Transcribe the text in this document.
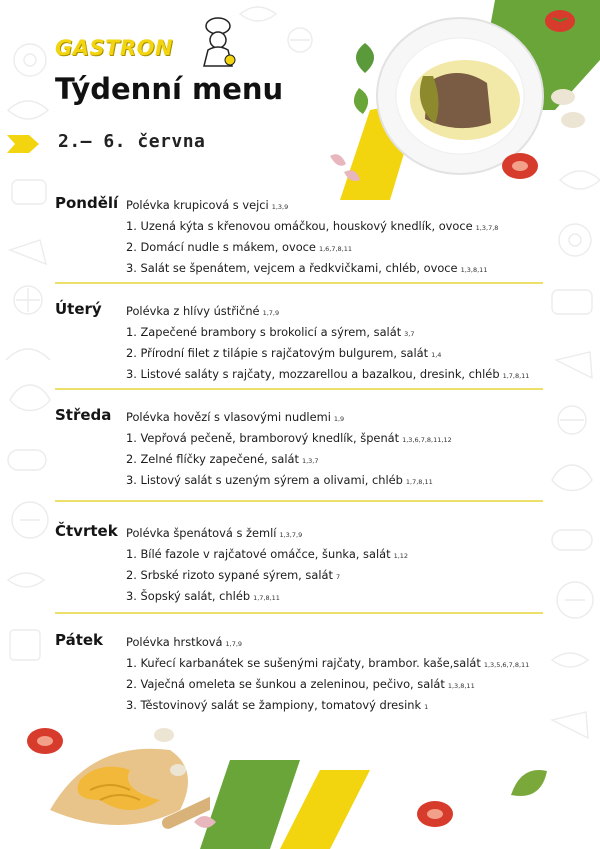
GASTRON
Týdenní menu
2.– 6. června
Pondělí Polévka krupicová s vejci 1,3,9
1. Uzená kýta s křenovou omáčkou, houskový knedlík, ovoce 1,3,7,8
2. Domácí nudle s mákem, ovoce 1,6,7,8,11
3. Salát se špenátem, vejcem a ředkvičkami, chléb, ovoce 1,3,8,11
Úterý Polévka z hlívy ústřičné 1,7,9
1. Zapečené brambory s brokolicí a sýrem, salát 3,7
2. Přírodní filet z tilápie s rajčatovým bulgurem, salát 1,4
3. Listové saláty s rajčaty, mozzarellou a bazalkou, dresink, chléb 1,7,8,11
Středa Polévka hovězí s vlasovými nudlemi 1,9
1. Vepřová pečeně, bramborový knedlík, špenát 1,3,6,7,8,11,12
2. Zelné flíčky zapečené, salát 1,3,7
3. Listový salát s uzeným sýrem a olivami, chléb 1,7,8,11
Čtvrtek Polévka špenátová s žemlí 1,3,7,9
1. Bílé fazole v rajčatové omáčce, šunka, salát 1,12
2. Srbské rizoto sypané sýrem, salát 7
3. Šopský salát, chléb 1,7,8,11
Pátek Polévka hrstková 1,7,9
1. Kuřecí karbanátek se sušenými rajčaty, brambor. kaše,salát 1,3,5,6,7,8,11
2. Vaječná omeleta se šunkou a zeleninou, pečivo, salát 1,3,8,11
3. Těstovinový salát se žampiony, tomatový dresink 1
